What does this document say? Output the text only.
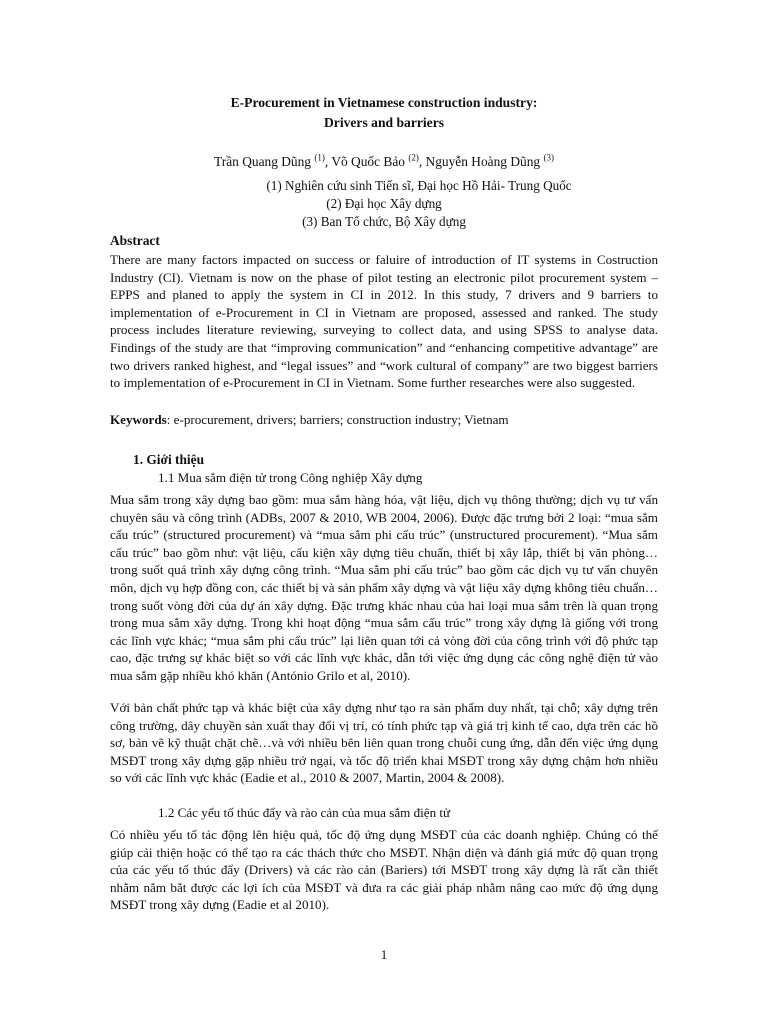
E-Procurement in Vietnamese construction industry:
Drivers and barriers
Trần Quang Dũng $^{(1)}$, Võ Quốc Bảo $^{(2)}$, Nguyễn Hoàng Dũng $^{(3)}$
(1) Nghiên cứu sinh Tiến sĩ, Đại học Hồ Hải- Trung Quốc
(2) Đại học Xây dựng
(3) Ban Tổ chức, Bộ Xây dựng
Abstract
There are many factors impacted on success or faluire of introduction of IT systems in Costruction Industry (CI). Vietnam is now on the phase of pilot testing an electronic pilot procurement system – EPPS and planed to apply the system in CI in 2012. In this study, 7 drivers and 9 barriers to implementation of e-Procurement in CI in Vietnam are proposed, assessed and ranked. The study process includes literature reviewing, surveying to collect data, and using SPSS to analyse data. Findings of the study are that “improving communication” and “enhancing competitive advantage” are two drivers ranked highest, and “legal issues” and “work cultural of company” are two biggest barriers to implementation of e-Procurement in CI in Vietnam. Some further researches were also suggested.
Keywords: e-procurement, drivers; barriers; construction industry; Vietnam
1. Giới thiệu
1.1 Mua sắm điện tử trong Công nghiệp Xây dựng
Mua sắm trong xây dựng bao gồm: mua sắm hàng hóa, vật liệu, dịch vụ thông thường; dịch vụ tư vấn chuyên sâu và công trình (ADBs, 2007 & 2010, WB 2004, 2006). Được đặc trưng bởi 2 loại: “mua sắm cấu trúc” (structured procurement) và “mua sắm phi cấu trúc” (unstructured procurement). “Mua sắm cấu trúc” bao gồm như: vật liệu, cấu kiện xây dựng tiêu chuẩn, thiết bị xây lắp, thiết bị văn phòng…trong suốt quá trình xây dựng công trình. “Mua sắm phi cấu trúc” bao gồm các dịch vụ tư vấn chuyên môn, dịch vụ hợp đồng con, các thiết bị và sản phẩm xây dựng và vật liệu xây dựng không tiêu chuẩn…trong suốt vòng đời của dự án xây dựng. Đặc trưng khác nhau của hai loại mua sắm trên là quan trọng trong mua sắm xây dựng. Trong khi hoạt động “mua sắm cấu trúc” trong xây dựng là giống với trong các lĩnh vực khác; “mua sắm phi cấu trúc” lại liên quan tới cả vòng đời của công trình với độ phức tạp cao, đặc trưng sự khác biệt so với các lĩnh vực khác, dẫn tới việc ứng dụng các công nghệ điện tử vào mua sắm gặp nhiều khó khăn (António Grilo et al, 2010).
Với bản chất phức tạp và khác biệt của xây dựng như tạo ra sản phẩm duy nhất, tại chỗ; xây dựng trên công trường, dây chuyền sản xuất thay đổi vị trí, có tính phức tạp và giá trị kinh tế cao, dựa trên các hồ sơ, bản vẽ kỹ thuật chặt chẽ…và với nhiều bên liên quan trong chuỗi cung ứng, dẫn đến việc ứng dụng MSĐT trong xây dựng gặp nhiều trở ngại, và tốc độ triển khai MSĐT trong xây dựng chậm hơn nhiều so với các lĩnh vực khác (Eadie et al., 2010 & 2007, Martin, 2004 & 2008).
1.2 Các yếu tố thúc đẩy và rào cản của mua sắm điện tử
Có nhiều yếu tố tác động lên hiệu quả, tốc độ ứng dụng MSĐT của các doanh nghiệp. Chúng có thể giúp cải thiện hoặc có thể tạo ra các thách thức cho MSĐT. Nhận diện và đánh giá mức độ quan trọng của các yếu tố thúc đẩy (Drivers) và các rào cản (Bariers) tới MSĐT trong xây dựng là rất cần thiết nhằm nắm bắt được các lợi ích của MSĐT và đưa ra các giải pháp nhằm nâng cao mức độ ứng dụng MSĐT trong xây dựng (Eadie et al 2010).
1
